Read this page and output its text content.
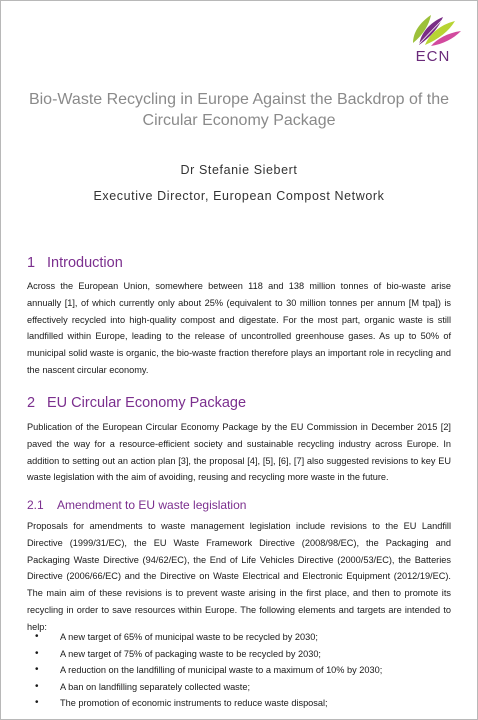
ECN
Bio-Waste Recycling in Europe Against the Backdrop of the Circular Economy Package
Dr Stefanie Siebert
Executive Director, European Compost Network
1 Introduction

Across the European Union, somewhere between 118 and 138 million tonnes of bio-waste arise annually [1], of which currently only about 25% (equivalent to 30 million tonnes per annum [M tpa]) is effectively recycled into high-quality compost and digestate. For the most part, organic waste is still landfilled within Europe, leading to the release of uncontrolled greenhouse gases. As up to 50% of municipal solid waste is organic, the bio-waste fraction therefore plays an important role in recycling and the nascent circular economy.

2 EU Circular Economy Package

Publication of the European Circular Economy Package by the EU Commission in December 2015 [2] paved the way for a resource-efficient society and sustainable recycling industry across Europe. In addition to setting out an action plan [3], the proposal [4], [5], [6], [7] also suggested revisions to key EU waste legislation with the aim of avoiding, reusing and recycling more waste in the future.

2.1 Amendment to EU waste legislation

Proposals for amendments to waste management legislation include revisions to the EU Landfill Directive (1999/31/EC), the EU Waste Framework Directive (2008/98/EC), the Packaging and Packaging Waste Directive (94/62/EC), the End of Life Vehicles Directive (2000/53/EC), the Batteries Directive (2006/66/EC) and the Directive on Waste Electrical and Electronic Equipment (2012/19/EC). The main aim of these revisions is to prevent waste arising in the first place, and then to promote its recycling in order to save resources within Europe. The following elements and targets are intended to help:

• A new target of 65% of municipal waste to be recycled by 2030;
• A new target of 75% of packaging waste to be recycled by 2030;
• A reduction on the landfilling of municipal waste to a maximum of 10% by 2030;
• A ban on landfilling separately collected waste;
• The promotion of economic instruments to reduce waste disposal;
